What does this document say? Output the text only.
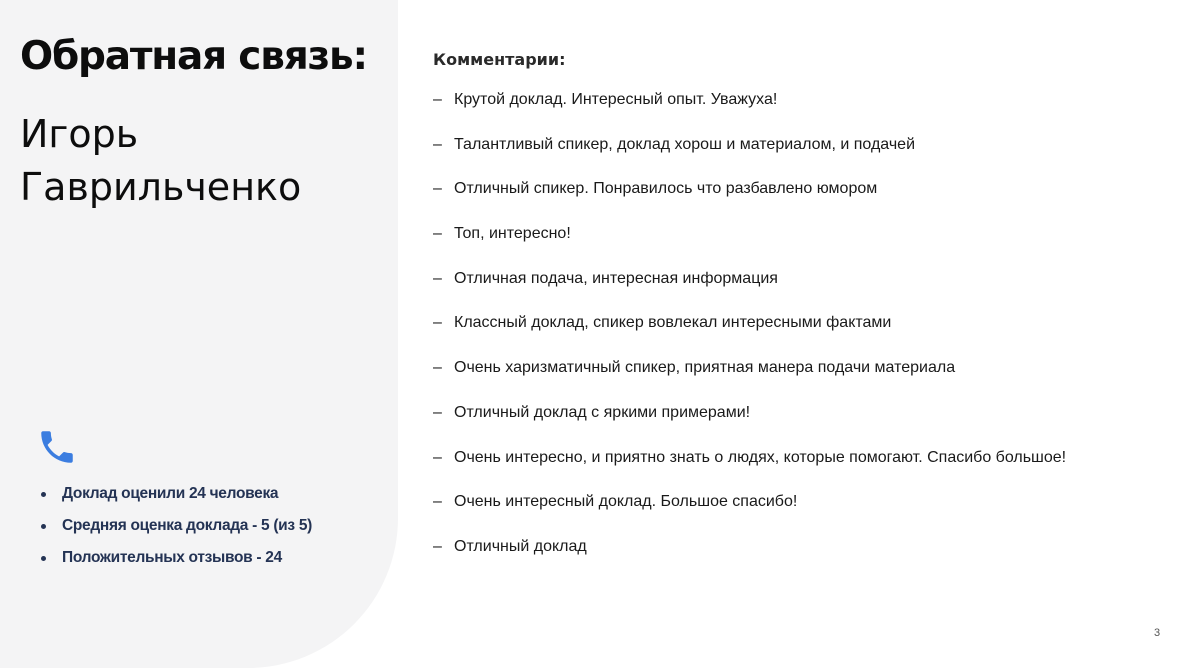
Обратная связь:
Игорь
Гаврильченко
Доклад оценили 24 человека
Средняя оценка доклада - 5 (из 5)
Положительных отзывов - 24
Комментарии:
– Крутой доклад. Интересный опыт. Уважуха!
– Талантливый спикер, доклад хорош и материалом, и подачей
– Отличный спикер. Понравилось что разбавлено юмором
– Топ, интересно!
– Отличная подача, интересная информация
– Классный доклад, спикер вовлекал интересными фактами
– Очень харизматичный спикер, приятная манера подачи материала
– Отличный доклад с яркими примерами!
– Очень интересно, и приятно знать о людях, которые помогают. Спасибо большое!
– Очень интересный доклад. Большое спасибо!
– Отличный доклад
3
